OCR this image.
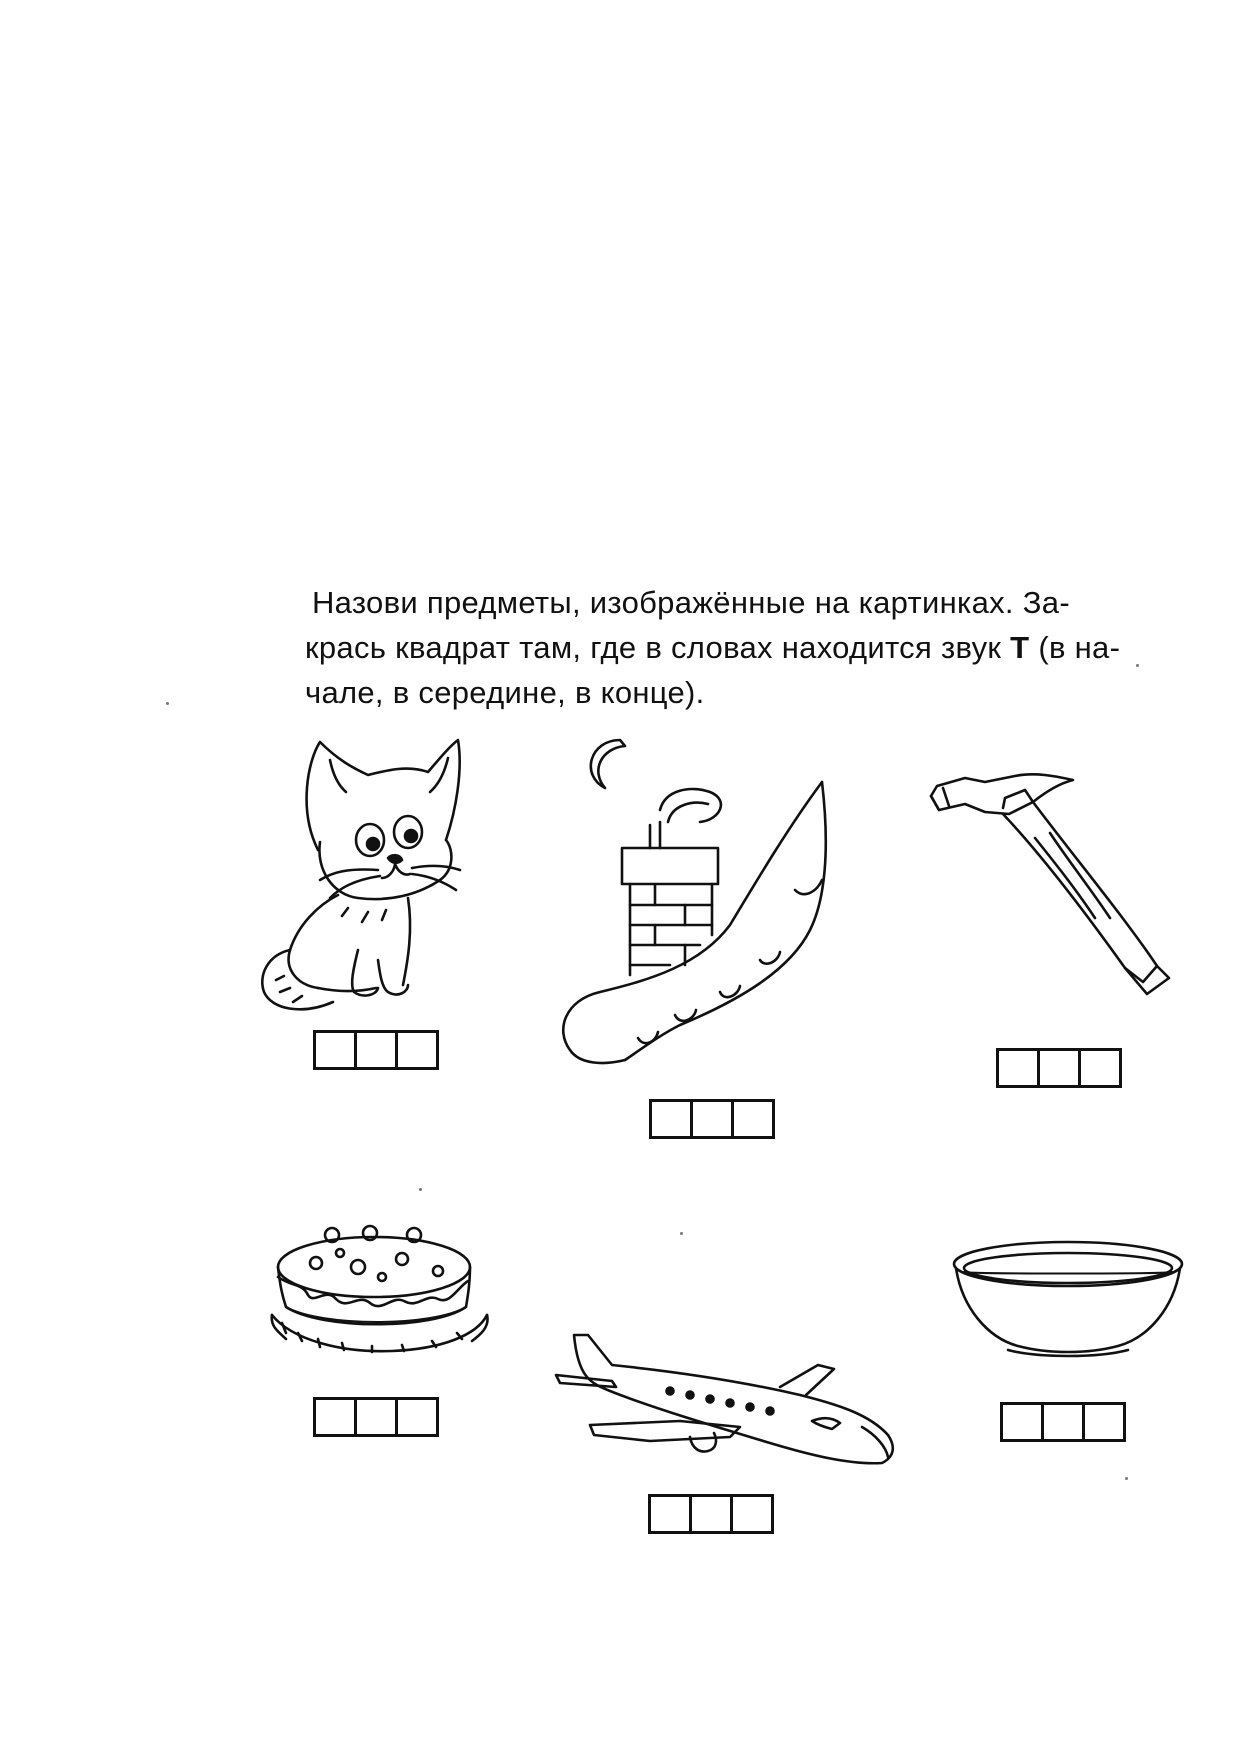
Назови предметы, изображённые на картинках. За-
крась квадрат там, где в словах находится звук Т (в на-
чале, в середине, в конце).
